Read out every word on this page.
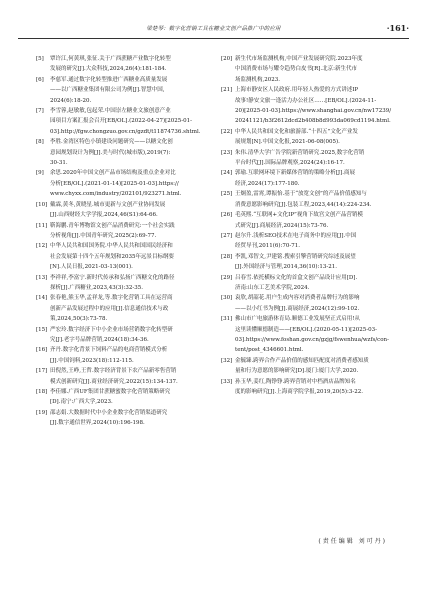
梁楚琴：数字化营销工具在糖业文创产品推广中的应用	·161·
[5]	覃许江,何黄琪,张征.关于广西蔗糖产业数字化转型
发展的研究[J].大众科技,2024,26(4):181-184.
[6]	李慈军.通过数字化转型推进广西糖业高质量发展
——以广西糖业集团有限公司为例[J].智慧中国,
2024(6):18-20.
[7]	李雪蓉,赵敏敏,包起荣.中国崇左糖业文旅创意产业
园项目方案汇报会召开[EB/OL].(2022-04-27)[2025-01-
03].http://fgw.chongzuo.gov.cn/gzdt/t11874736.shtml.
[8]	李胜.金湾区特色小镇建设问题研究——以糖文化创
意园规划设计为例[J].美与时代(城市版),2019(7):
30-31.
[9]	余思.2020年中国文创产品市场结构及重点企业对比
分析[EB/OL].(2021-01-14)[2025-01-03].https://
www.chyxx.com/industry/202101/923271.html.
[10] 戴霖,黄冬,黄晓星.城市更新与文创产业协同发展
[J].山西财经大学学报,2024,46(S1):64-66.
[11] 靳海鹏.青年博物馆文创产品消费研究:一个社会实践
分析视角[J].中国青年研究,2025(2):69-77.
[12] 中华人民共和国国务院.中华人民共和国国民经济和
社会发展第十四个五年规划和2035年远景目标纲要
[N].人民日报,2021-03-13(001).
[13] 李祥祥,李富宁.新时代传承和弘扬广西糖文化的路径
探析[J].广西糖业,2023,43(3):32-35.
[14] 张春艳,熊玉华,孟祥龙,等.数字化营销工具在运营商
创新产品发展过程中的应用[J].信息通信技术与政
策,2024,50(3):73-78.
[15] 严宏玲.数字经济下中小企业市场营销数字化转型研
究[J].老字号品牌营销,2024(18):34-36.
[16] 齐丹.数字化背景下饲料产品的电商营销模式分析
[J].中国饲料,2023(18):112-115.
[17] 田倪然,王峥,王哲.数字经济背景下农产品新零售营销
模式创新研究[J].商业经济研究,2022(15):134-137.
[18] 李佳娜.广西UF集团甘蔗糖蜜数字化营销策略研究
[D].南宁:广西大学,2023.
[19] 邵志娟.大数据时代中小企业数字化营销渠道研究
[J].数字通信世界,2024(10):196-198.
[20] 新生代市场监测机构,中国产业发展研究院.2023年度
中国消费市场与耀令趋势白皮书[R].北京:新生代市
场监测机构,2023.
[21] 上海市静安区人民政府.用年轻人热爱的方式讲述IP
故事!静安文旅一逢活力办公社区……[EB/OL].(2024-11-
20)[2025-01-03].https://www.shanghai.gov.cn/nw17239/
20241121/b3f2612dcd2b408b8d993da069cd1194.html.
[22] 中华人民共和国文化和旅游部.“十四五”文化产业发
展规划[N].中国文化报,2021-06-08(005).
[23] 朱伟.清华大学广告学院新营销研究.2025,数字化营销
平台时代[J].国际品牌观察,2024(24):16-17.
[24] 郭瑜.互联网环境下新媒体营销的策略分析[J].商展
经济,2024(17):177-180.
[25] 王炯盈,雷霄,谭振怡.基于“放宽文创”的产品价值感知与
消费意愿影响研究[J].包装工程,2023,44(14):224-234.
[26] 毛英熙.“互联网+文化IP”视角下故宫文创产品营销模
式研究[J].商展经济,2024(15):73-76.
[27] 赵尔升.浅析SEO技术在电子商务中的应用[J].中国
经贸导刊,2011(6):70-71.
[28] 李凯,邓智文,尹建铭.搜索引擎营销研究综述及展望
[J].外国经济与管理,2014,36(10):13-21.
[29] 吕春雪.依托横标文化的首盒文创产品设计应用[D].
济南:山东工艺美术学院,2024.
[30] 袁欣,胡韶花.用户生成内容对消费者品牌行为的影响
——以小红书为例[J].商展经济,2024(12):99-102.
[31] 佛山市广电旅游体育局.顺德工业发展坚正式启用!从
这里读懂顺德制造——[EB/OL].(2020-05-11)[2025-03-
03].https://www.foshan.gov.cn/gzjg/fswenhua/wzfs/con-
tent/post_4346601.html.
[32] 金毓臻.跨界合作产品价值的感知匹配度对消费者感知质
量和行为意愿的影响研究[D].厦门:厦门大学,2020.
[33] 孙玉华,姜红,陶铮铮.跨界营销对中档酒店品牌知名
度的影响研究[J].上海商学院学报,2019,20(5):3-22.
(责任编辑 刘可丹)
